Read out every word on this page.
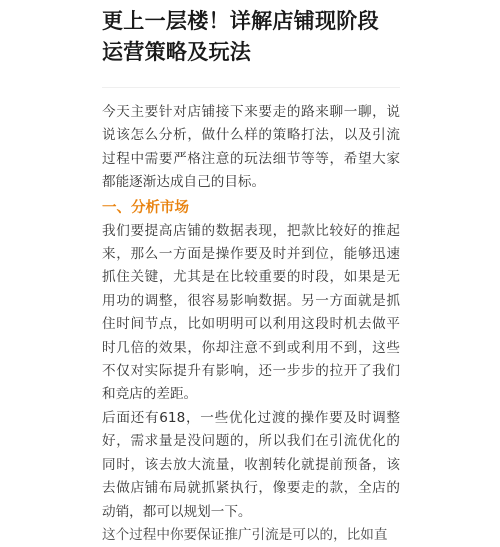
更上一层楼！详解店铺现阶段运营策略及玩法

今天主要针对店铺接下来要走的路来聊一聊，说说该怎么分析，做什么样的策略打法，以及引流过程中需要严格注意的玩法细节等等，希望大家都能逐渐达成自己的目标。

一、分析市场

我们要提高店铺的数据表现，把款比较好的推起来，那么一方面是操作要及时并到位，能够迅速抓住关键，尤其是在比较重要的时段，如果是无用功的调整，很容易影响数据。另一方面就是抓住时间节点，比如明明可以利用这段时机去做平时几倍的效果，你却注意不到或利用不到，这些不仅对实际提升有影响，还一步步的拉开了我们和竞店的差距。

后面还有618，一些优化过渡的操作要及时调整好，需求量是没问题的，所以我们在引流优化的同时，该去放大流量，收割转化就提前预备，该去做店铺布局就抓紧执行，像要走的款，全店的动销，都可以规划一下。

这个过程中你要保证推广引流是可以的，比如直
